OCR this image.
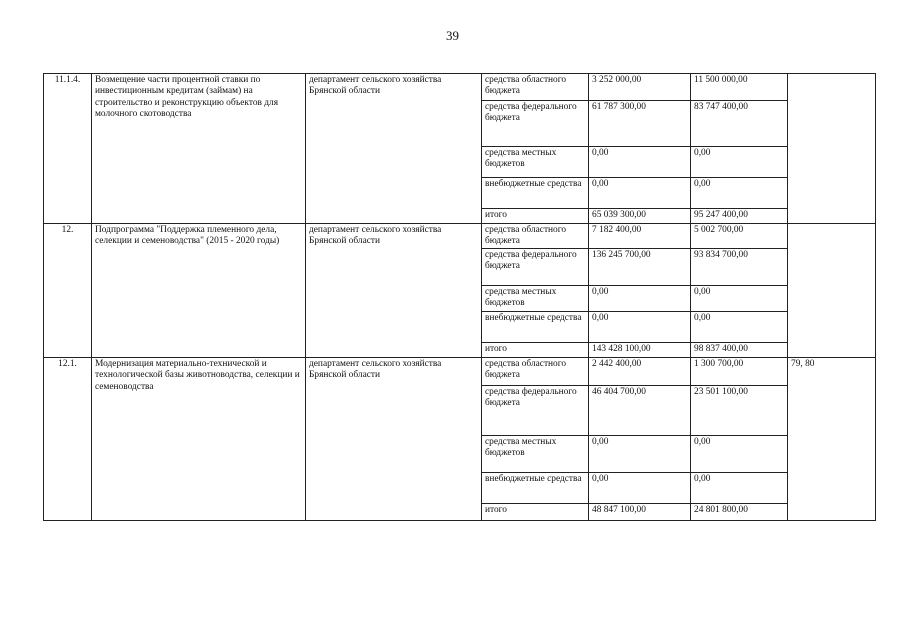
39
11.1.4.	Возмещение части процентной ставки по инвестиционным кредитам (займам) на строительство и реконструкцию объектов для молочного скотоводства	департамент сельского хозяйства Брянской области	средства областного бюджета	3 252 000,00	11 500 000,00	
			средства федерального бюджета	61 787 300,00	83 747 400,00	
			средства местных бюджетов	0,00	0,00	
			внебюджетные средства	0,00	0,00	
			итого	65 039 300,00	95 247 400,00	
12.	Подпрограмма "Поддержка племенного дела, селекции и семеноводства" (2015 - 2020 годы)	департамент сельского хозяйства Брянской области	средства областного бюджета	7 182 400,00	5 002 700,00	
			средства федерального бюджета	136 245 700,00	93 834 700,00	
			средства местных бюджетов	0,00	0,00	
			внебюджетные средства	0,00	0,00	
			итого	143 428 100,00	98 837 400,00	
12.1.	Модернизация материально-технической и технологической базы животноводства, селекции и семеноводства	департамент сельского хозяйства Брянской области	средства областного бюджета	2 442 400,00	1 300 700,00	79, 80
			средства федерального бюджета	46 404 700,00	23 501 100,00	
			средства местных бюджетов	0,00	0,00	
			внебюджетные средства	0,00	0,00	
			итого	48 847 100,00	24 801 800,00	
